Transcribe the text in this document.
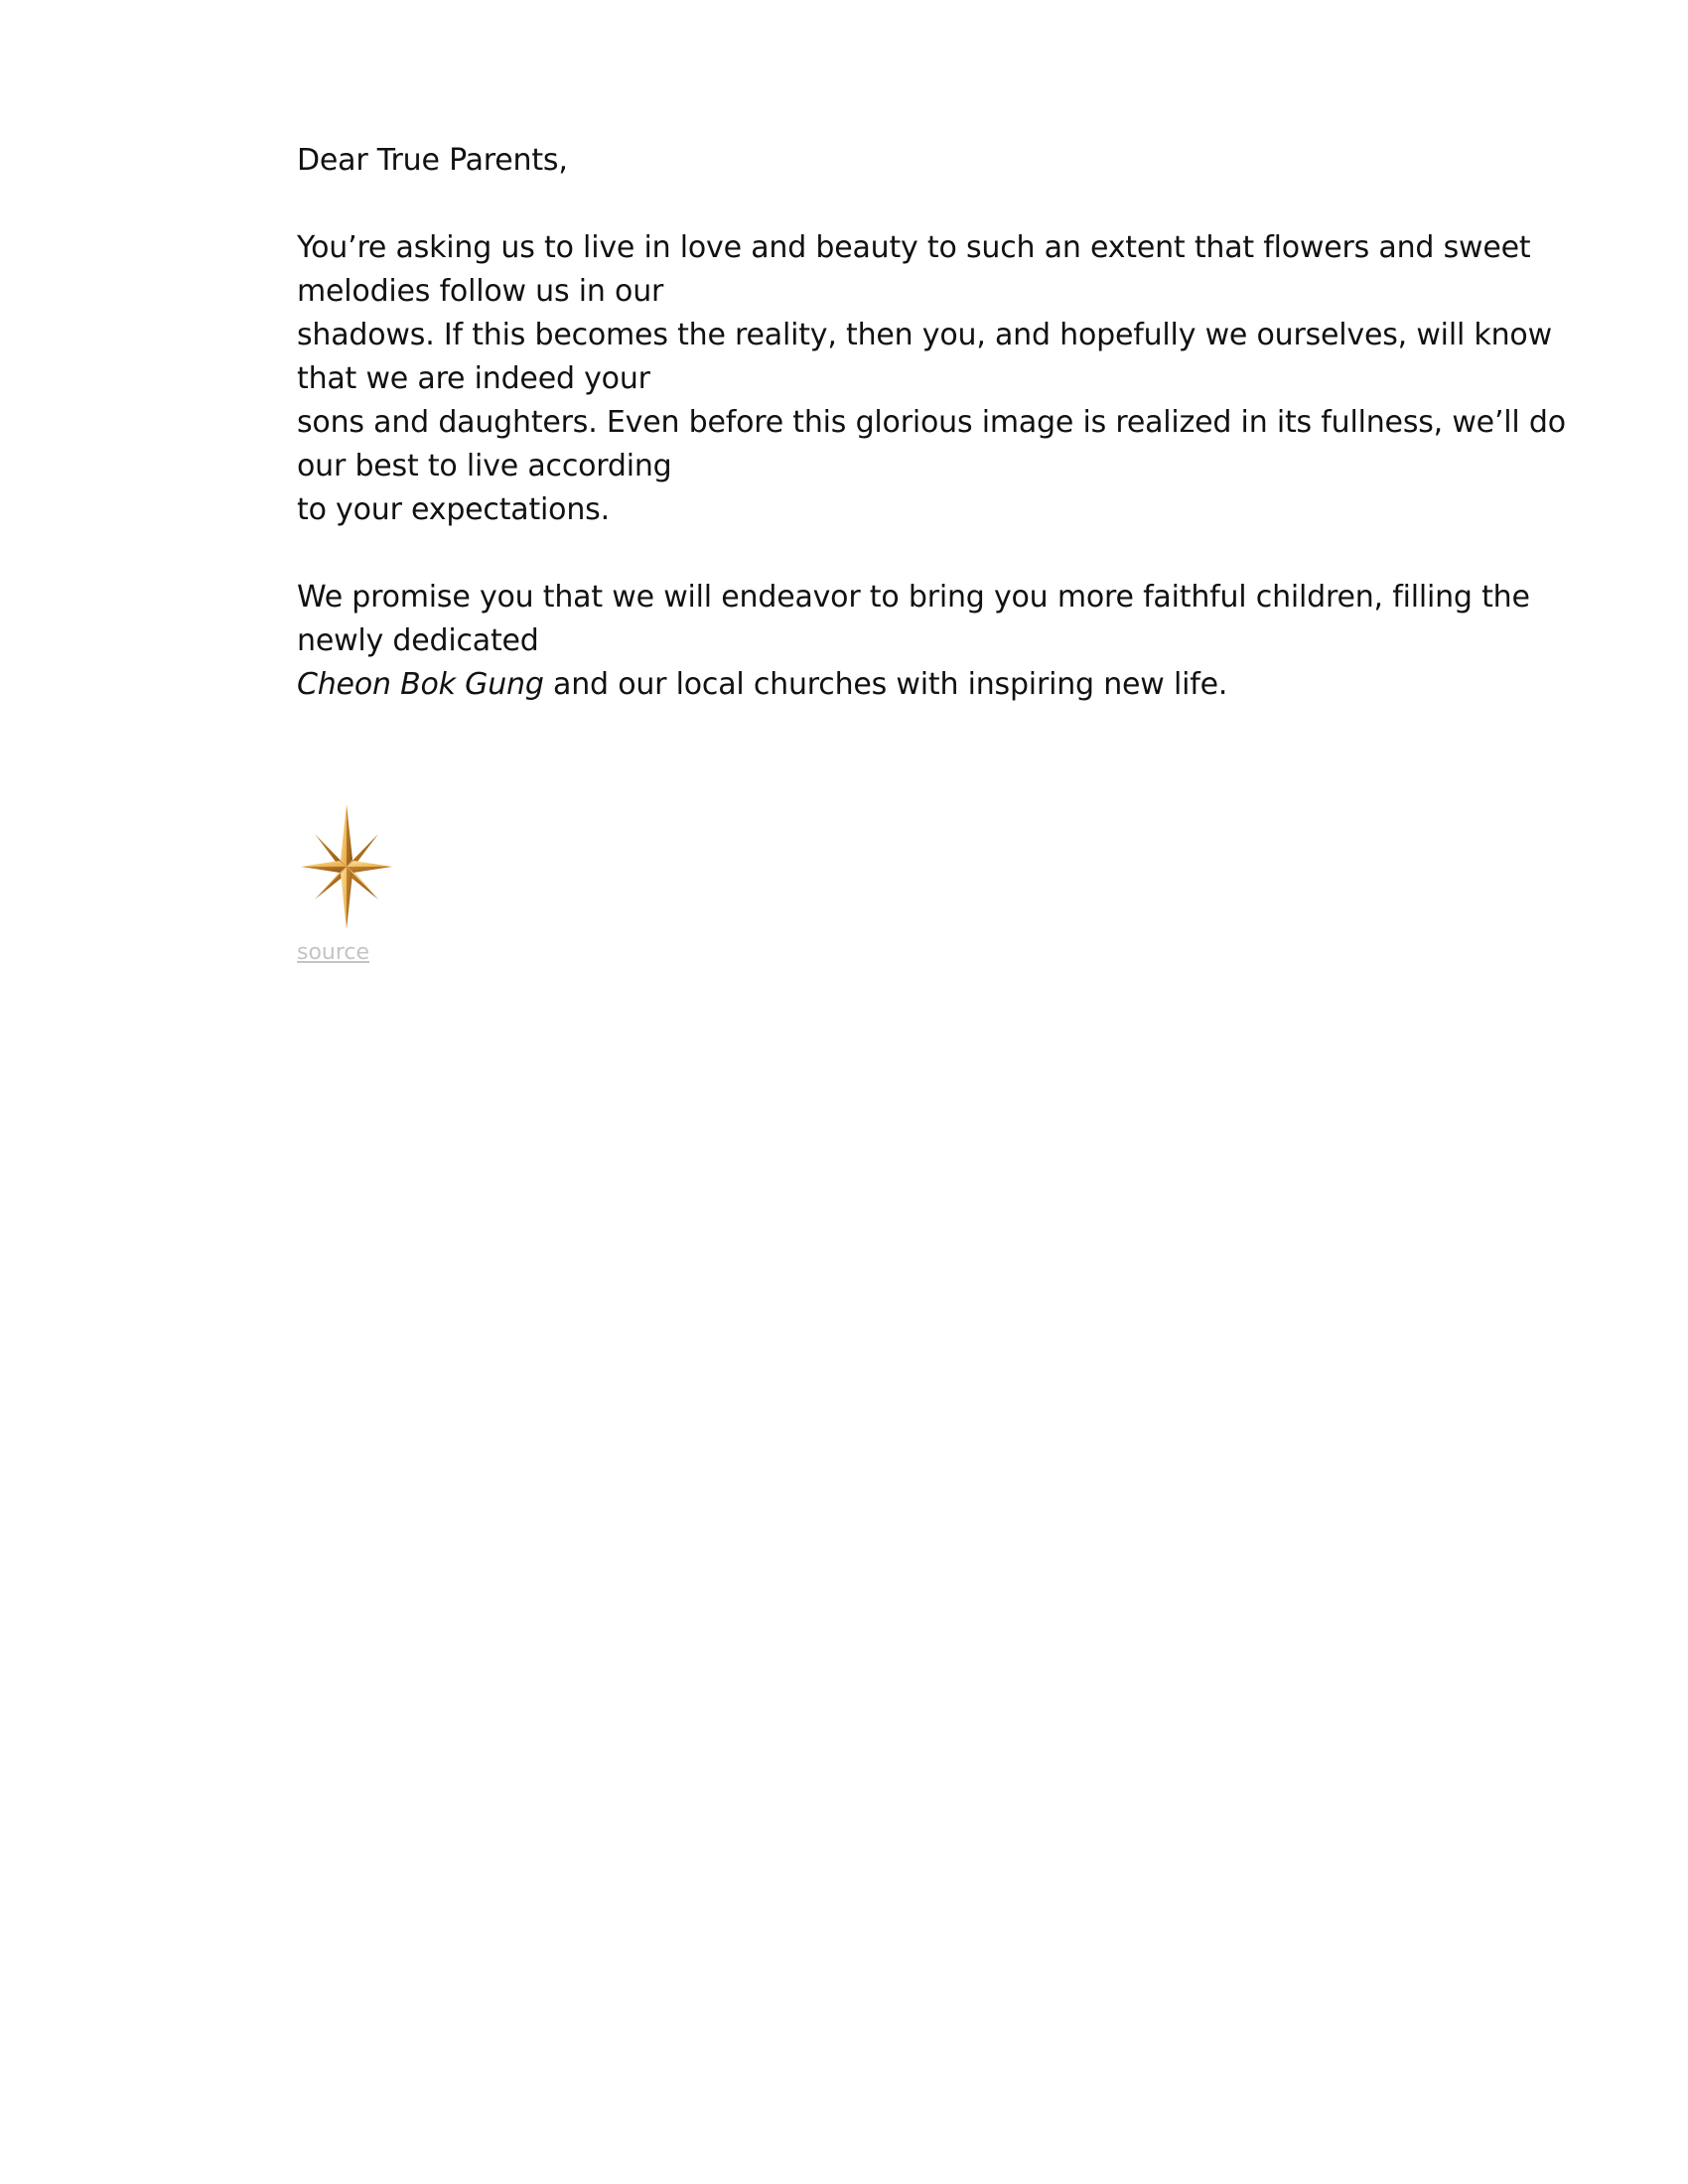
Dear True Parents,
You’re asking us to live in love and beauty to such an extent that flowers and sweet
melodies follow us in our
shadows. If this becomes the reality, then you, and hopefully we ourselves, will know
that we are indeed your
sons and daughters. Even before this glorious image is realized in its fullness, we’ll do
our best to live according
to your expectations.
We promise you that we will endeavor to bring you more faithful children, filling the
newly dedicated
Cheon Bok Gung and our local churches with inspiring new life.
source
